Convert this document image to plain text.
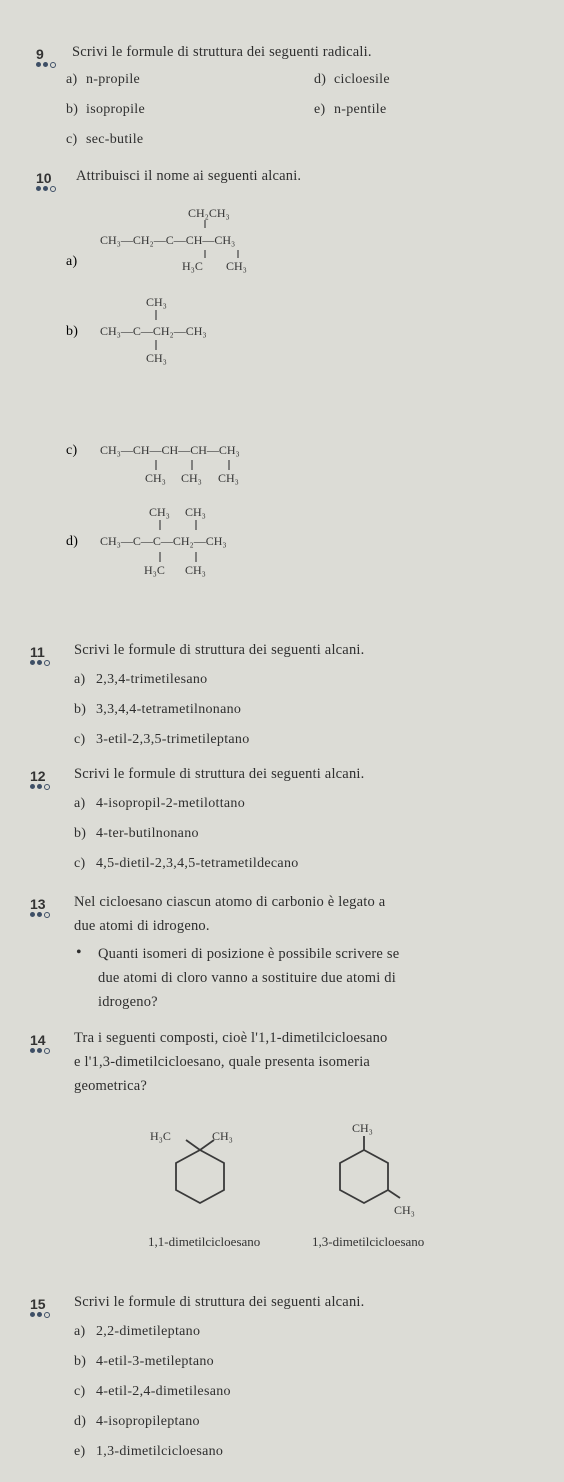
9 Scrivi le formule di struttura dei seguenti radicali.
a) n-propile
b) isopropile
c) sec-butile
d) cicloesile
e) n-pentile
10 Attribuisci il nome ai seguenti alcani.
a)
CH₂CH₃
CH₃—CH₂—C—CH—CH₃
H₃C CH₃
b)
CH₃
CH₃—C—CH₂—CH₃
CH₃
c) CH₃—CH—CH—CH—CH₃
CH₃ CH₃ CH₃
d)
CH₃ CH₃
CH₃—C—C—CH₂—CH₃
H₃C CH₃
11 Scrivi le formule di struttura dei seguenti alcani.
a) 2,3,4-trimetilesano
b) 3,3,4,4-tetrametilnonano
c) 3-etil-2,3,5-trimetileptano
12 Scrivi le formule di struttura dei seguenti alcani.
a) 4-isopropil-2-metilottano
b) 4-ter-butilnonano
c) 4,5-dietil-2,3,4,5-tetrametildecano
13 Nel cicloesano ciascun atomo di carbonio è legato a
due atomi di idrogeno.
• Quanti isomeri di posizione è possibile scrivere se
due atomi di cloro vanno a sostituire due atomi di
idrogeno?
14 Tra i seguenti composti, cioè l'1,1-dimetilcicloesano
e l'1,3-dimetilcicloesano, quale presenta isomeria
geometrica?
H₃C	CH₃
CH₃
CH₃
1,1-dimetilcicloesano	1,3-dimetilcicloesano
15 Scrivi le formule di struttura dei seguenti alcani.
a) 2,2-dimetileptano
b) 4-etil-3-metileptano
c) 4-etil-2,4-dimetilesano
d) 4-isopropileptano
e) 1,3-dimetilcicloesano
